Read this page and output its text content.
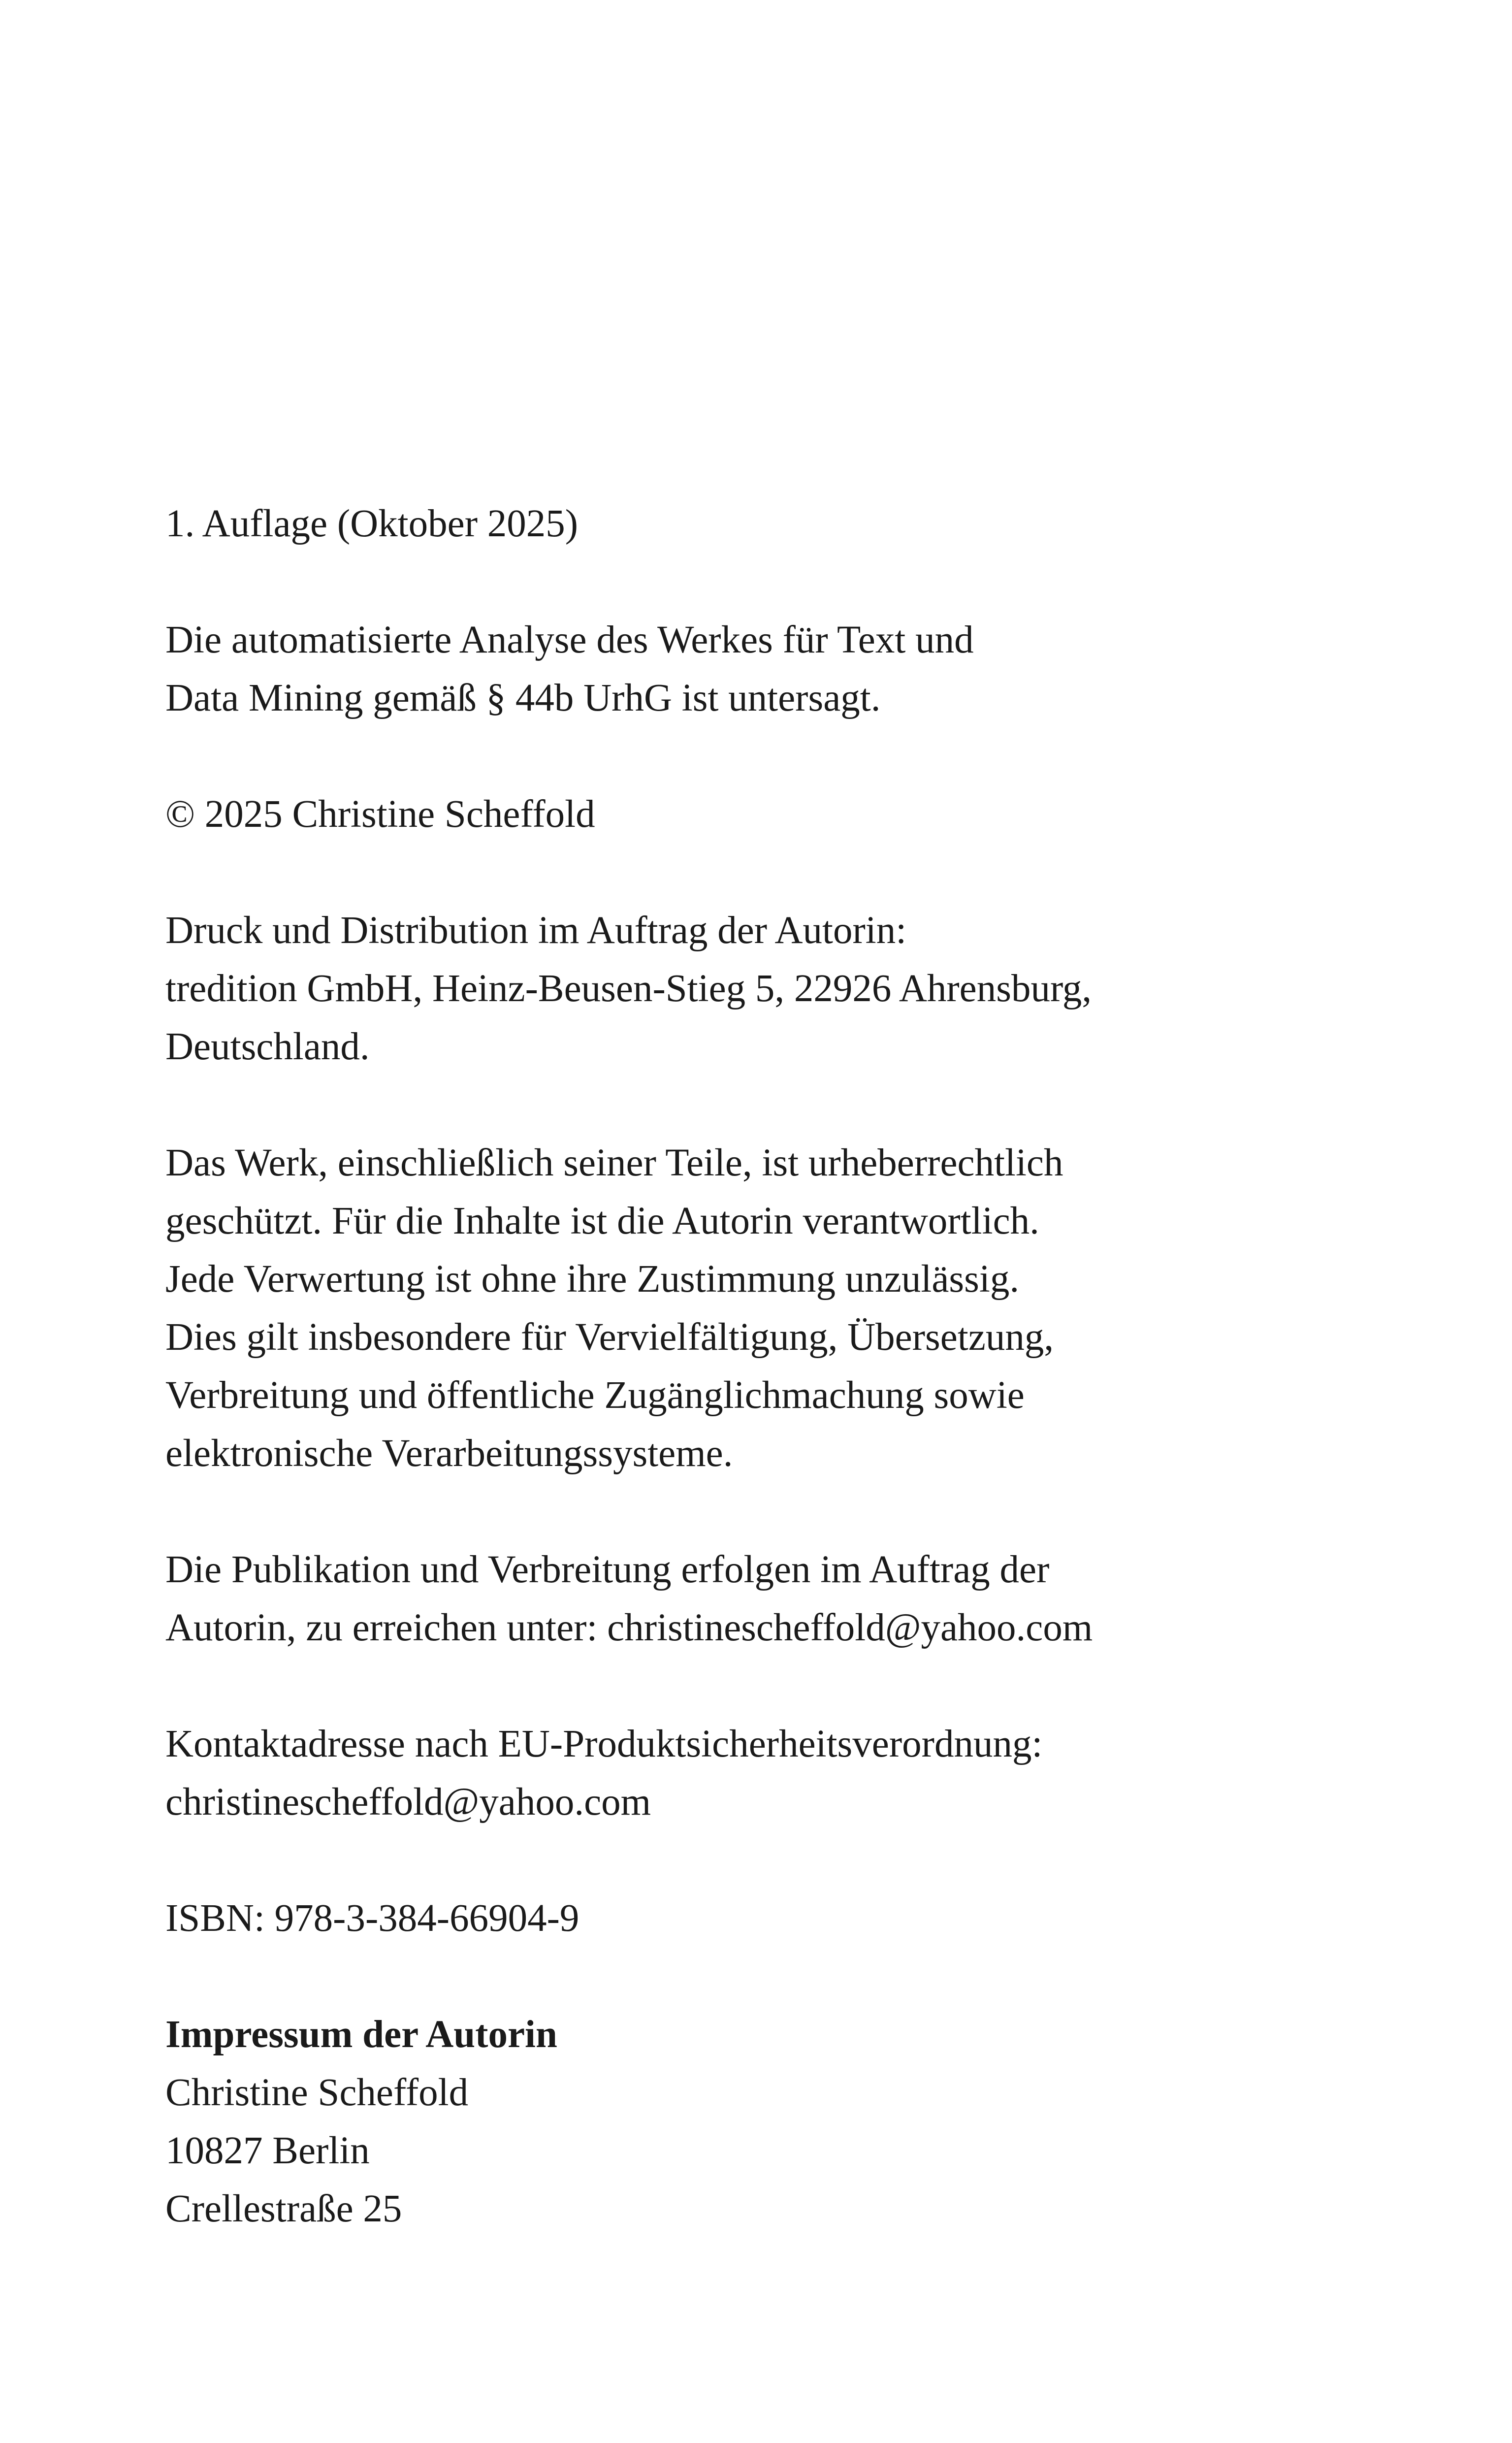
1. Auflage (Oktober 2025)

Die automatisierte Analyse des Werkes für Text und
Data Mining gemäß § 44b UrhG ist untersagt.

© 2025 Christine Scheffold

Druck und Distribution im Auftrag der Autorin:
tredition GmbH, Heinz-Beusen-Stieg 5, 22926 Ahrensburg,
Deutschland.

Das Werk, einschließlich seiner Teile, ist urheberrechtlich
geschützt. Für die Inhalte ist die Autorin verantwortlich.
Jede Verwertung ist ohne ihre Zustimmung unzulässig.
Dies gilt insbesondere für Vervielfältigung, Übersetzung,
Verbreitung und öffentliche Zugänglichmachung sowie
elektronische Verarbeitungssysteme.

Die Publikation und Verbreitung erfolgen im Auftrag der
Autorin, zu erreichen unter: christinescheffold@yahoo.com

Kontaktadresse nach EU-Produktsicherheitsverordnung:
christinescheffold@yahoo.com

ISBN: 978-3-384-66904-9

Impressum der Autorin
Christine Scheffold
10827 Berlin
Crellestraße 25
